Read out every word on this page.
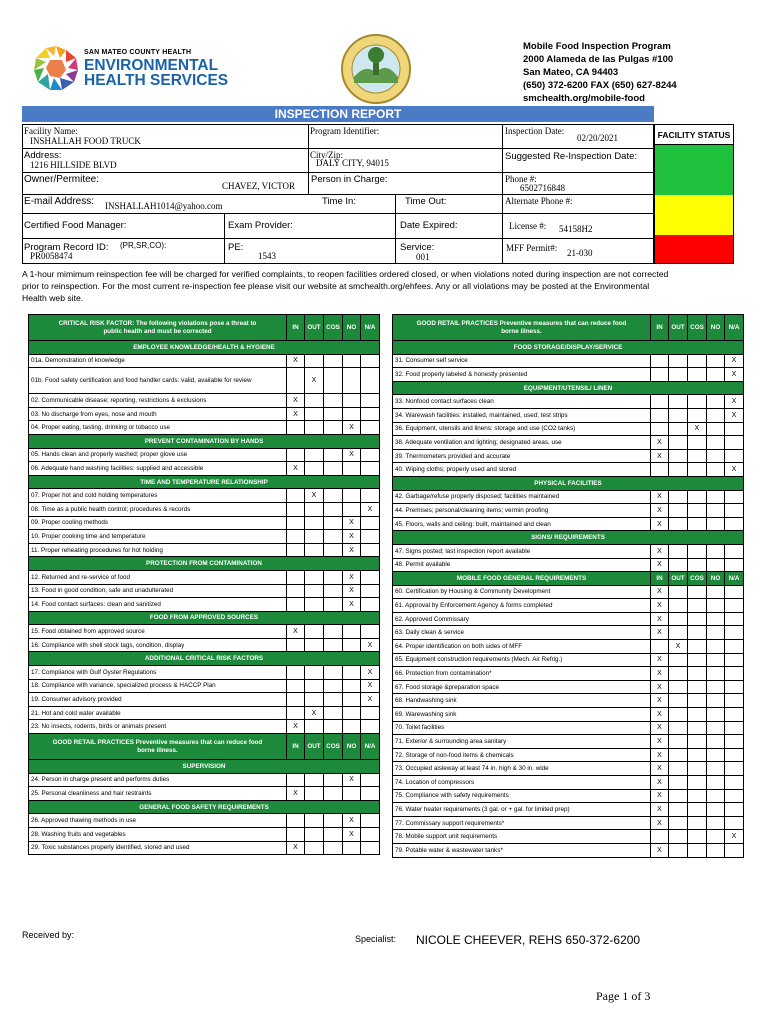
SAN MATEO COUNTY HEALTH
ENVIRONMENTAL
HEALTH SERVICES
Mobile Food Inspection Program
2000 Alameda de las Pulgas #100
San Mateo, CA 94403
(650) 372-6200 FAX (650) 627-8244
smchealth.org/mobile-food
INSPECTION REPORT
Facility Name:
INSHALLAH FOOD TRUCK
Program Identifier:	Inspection Date:
02/20/2021
Address:
1216 HILLSIDE BLVD
City/Zip:
DALY CITY, 94015
Suggested Re-Inspection Date:
Owner/Permitee:
CHAVEZ, VICTOR
Person in Charge:	Phone #:
6502716848
E-mail Address: INSHALLAH1014@yahoo.com	Time In:	Time Out:	Alternate Phone #:
Certified Food Manager:	Exam Provider:	Date Expired:	License #: 54158H2
Program Record ID: (PR,SR,CO):
PR0058474
PE:
1543
Service:
001
MFF Permit#: 21-030
FACILITY STATUS
A 1-hour mimimum reinspection fee will be charged for verified complaints, to reopen facilities ordered closed, or when violations noted during inspection are not corrected prior to reinspection. For the most current re-inspection fee please visit our website at smchealth.org/ehfees. Any or all violations may be posted at the Environmental Health web site.
CRITICAL RISK FACTOR: The following violations pose a threat to public health and must be corrected	IN	OUT	COS	NO	N/A
EMPLOYEE KNOWLEDGE/HEALTH & HYGIENE					
01a. Demonstration of knowledge	X				
01b. Food safety certification and food handler cards: valid, available for review		X			
02. Communicable disease; reporting, restrictions & exclusions	X				
03. No discharge from eyes, nose and mouth	X				
04. Proper eating, tasting, drinking or tobacco use				X	
PREVENT CONTAMINATION BY HANDS					
05. Hands clean and properly washed; proper glove use				X	
06. Adequate hand washing facilities: supplied and accessible	X				
TIME AND TEMPERATURE RELATIONSHIP					
07. Proper hot and cold holding temperatures		X			
08. Time as a public health control; procedures & records					X
09. Proper cooling methods				X	
10. Proper cooking time and temperature				X	
11. Proper reheating procedures for hot holding				X	
PROTECTION FROM CONTAMINATION					
12. Returned and re-service of food				X	
13. Food in good condition, safe and unadulterated				X	
14. Food contact surfaces: clean and sanitized				X	
FOOD FROM APPROVED SOURCES					
15. Food obtained from approved source	X				
16. Compliance with shell stock tags, condition, display					X
ADDITIONAL CRITICAL RISK FACTORS					
17. Compliance with Gulf Oyster Regulations					X
18. Compliance with variance, specialized process & HACCP Plan					X
19. Consumer advisory provided					X
21. Hot and cold water available		X			
23. No insects, rodents, birds or animals present	X				
GOOD RETAIL PRACTICES Preventive measures that can reduce food borne illness.	IN	OUT	COS	NO	N/A
SUPERVISION					
24. Person in charge present and performs duties				X	
25. Personal cleanliness and hair restraints	X				
GENERAL FOOD SAFETY REQUIREMENTS					
26. Approved thawing methods in use				X	
28. Washing fruits and vegetables				X	
29. Toxic substances properly identified, stored and used	X				
GOOD RETAIL PRACTICES Preventive measures that can reduce food borne illness.	IN	OUT	COS	NO	N/A
FOOD STORAGE/DISPLAY/SERVICE					
31. Consumer self service					X
32. Food properly labeled & honestly presented					X
EQUIPMENT/UTENSIL/ LINEN					
33. Nonfood contact surfaces clean					X
34. Warewash facilities: installed, maintained, used; test strips					X
36. Equipment, utensils and linens: storage and use (CO2 tanks)			X		
38. Adequate ventilation and lighting; designated areas, use	X				
39. Thermometers provided and accurate	X				
40. Wiping cloths; properly used and stored					X
PHYSICAL FACILITIES					
42. Garbage/refuse properly disposed; facilities maintained	X				
44. Premises; personal/cleaning items; vermin proofing	X				
45. Floors, walls and ceiling: built, maintained and clean	X				
SIGNS/ REQUIREMENTS					
47. Signs posted; last inspection report available	X				
48. Permit available	X				
MOBILE FOOD GENERAL REQUIREMENTS	IN	OUT	COS	NO	N/A
60. Certification by Housing & Community Development	X				
61. Approval by Enforcement Agency & forms completed	X				
62. Approved Commissary	X				
63. Daily clean & service	X				
64. Proper identification on both sides of MFF		X			
65. Equipment construction requirements (Mech. Air Refrig.)	X				
66. Protection from contamination*	X				
67. Food storage &preparation space	X				
68. Handwashing sink	X				
69. Warewashing sink	X				
70. Toilet facilities	X				
71. Exterior & surrounding area sanitary	X				
72. Storage of non-food items & chemicals	X				
73. Occupied aisleway at least 74 in. high & 30 in. wide	X				
74. Location of compressors	X				
75. Compliance with safety requirements	X				
76. Water heater requirements (3 gal. or + gal. for limited prep)	X				
77. Commissary support requirements*	X				
78. Mobile support unit requirements					X
79. Potable water & wastewater tanks*	X				
Received by:	Specialist: NICOLE CHEEVER, REHS 650-372-6200
Page 1 of 3
